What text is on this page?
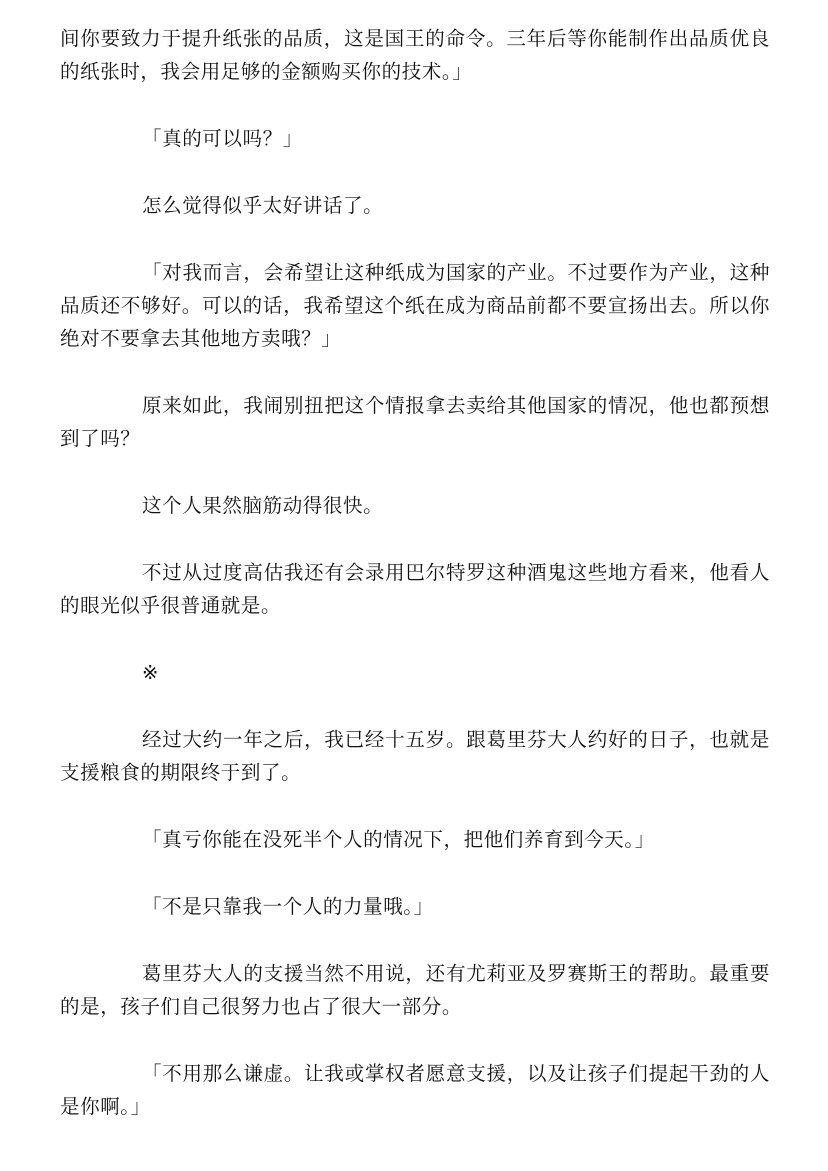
间你要致力于提升纸张的品质，这是国王的命令。三年后等你能制作出品质优良的纸张时，我会用足够的金额购买你的技术。」

「真的可以吗？」

怎么觉得似乎太好讲话了。

「对我而言，会希望让这种纸成为国家的产业。不过要作为产业，这种品质还不够好。可以的话，我希望这个纸在成为商品前都不要宣扬出去。所以你绝对不要拿去其他地方卖哦？」

原来如此，我闹别扭把这个情报拿去卖给其他国家的情况，他也都预想到了吗？

这个人果然脑筋动得很快。

不过从过度高估我还有会录用巴尔特罗这种酒鬼这些地方看来，他看人的眼光似乎很普通就是。

※

经过大约一年之后，我已经十五岁。跟葛里芬大人约好的日子，也就是支援粮食的期限终于到了。

「真亏你能在没死半个人的情况下，把他们养育到今天。」

「不是只靠我一个人的力量哦。」

葛里芬大人的支援当然不用说，还有尤莉亚及罗赛斯王的帮助。最重要的是，孩子们自己很努力也占了很大一部分。

「不用那么谦虚。让我或掌权者愿意支援，以及让孩子们提起干劲的人是你啊。」
